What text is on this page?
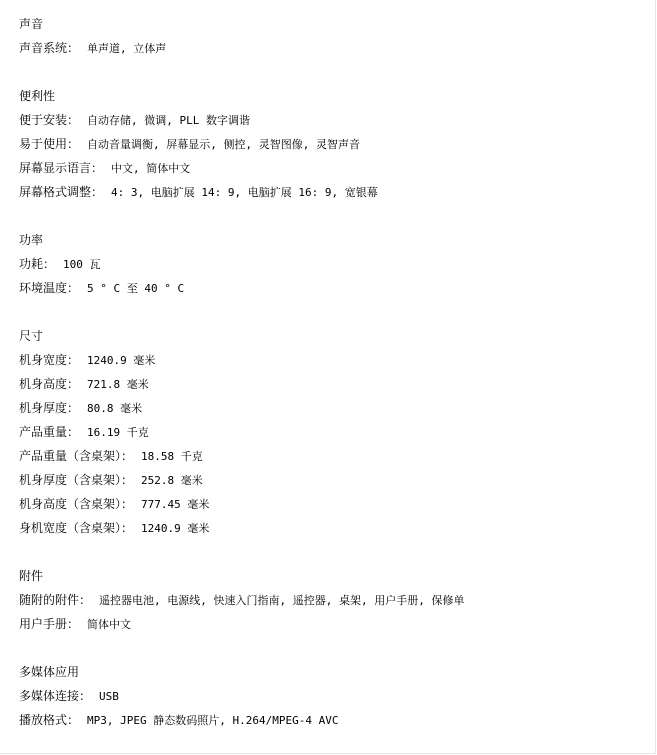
声音
声音系统： 单声道, 立体声
便利性
便于安装： 自动存储, 微调, PLL 数字调谐
易于使用： 自动音量调衡, 屏幕显示, 侧控, 灵智图像, 灵智声音
屏幕显示语言： 中文, 简体中文
屏幕格式调整： 4: 3, 电脑扩展 14: 9, 电脑扩展 16: 9, 宽银幕
功率
功耗： 100 瓦
环境温度： 5 ° C 至 40 ° C
尺寸
机身宽度： 1240.9 毫米
机身高度： 721.8 毫米
机身厚度： 80.8 毫米
产品重量： 16.19 千克
产品重量（含桌架）： 18.58 千克
机身厚度（含桌架）： 252.8 毫米
机身高度（含桌架）： 777.45 毫米
身机宽度（含桌架）： 1240.9 毫米
附件
随附的附件： 遥控器电池, 电源线, 快速入门指南, 遥控器, 桌架, 用户手册, 保修单
用户手册： 简体中文
多媒体应用
多媒体连接： USB
播放格式： MP3, JPEG 静态数码照片, H.264/MPEG-4 AVC
